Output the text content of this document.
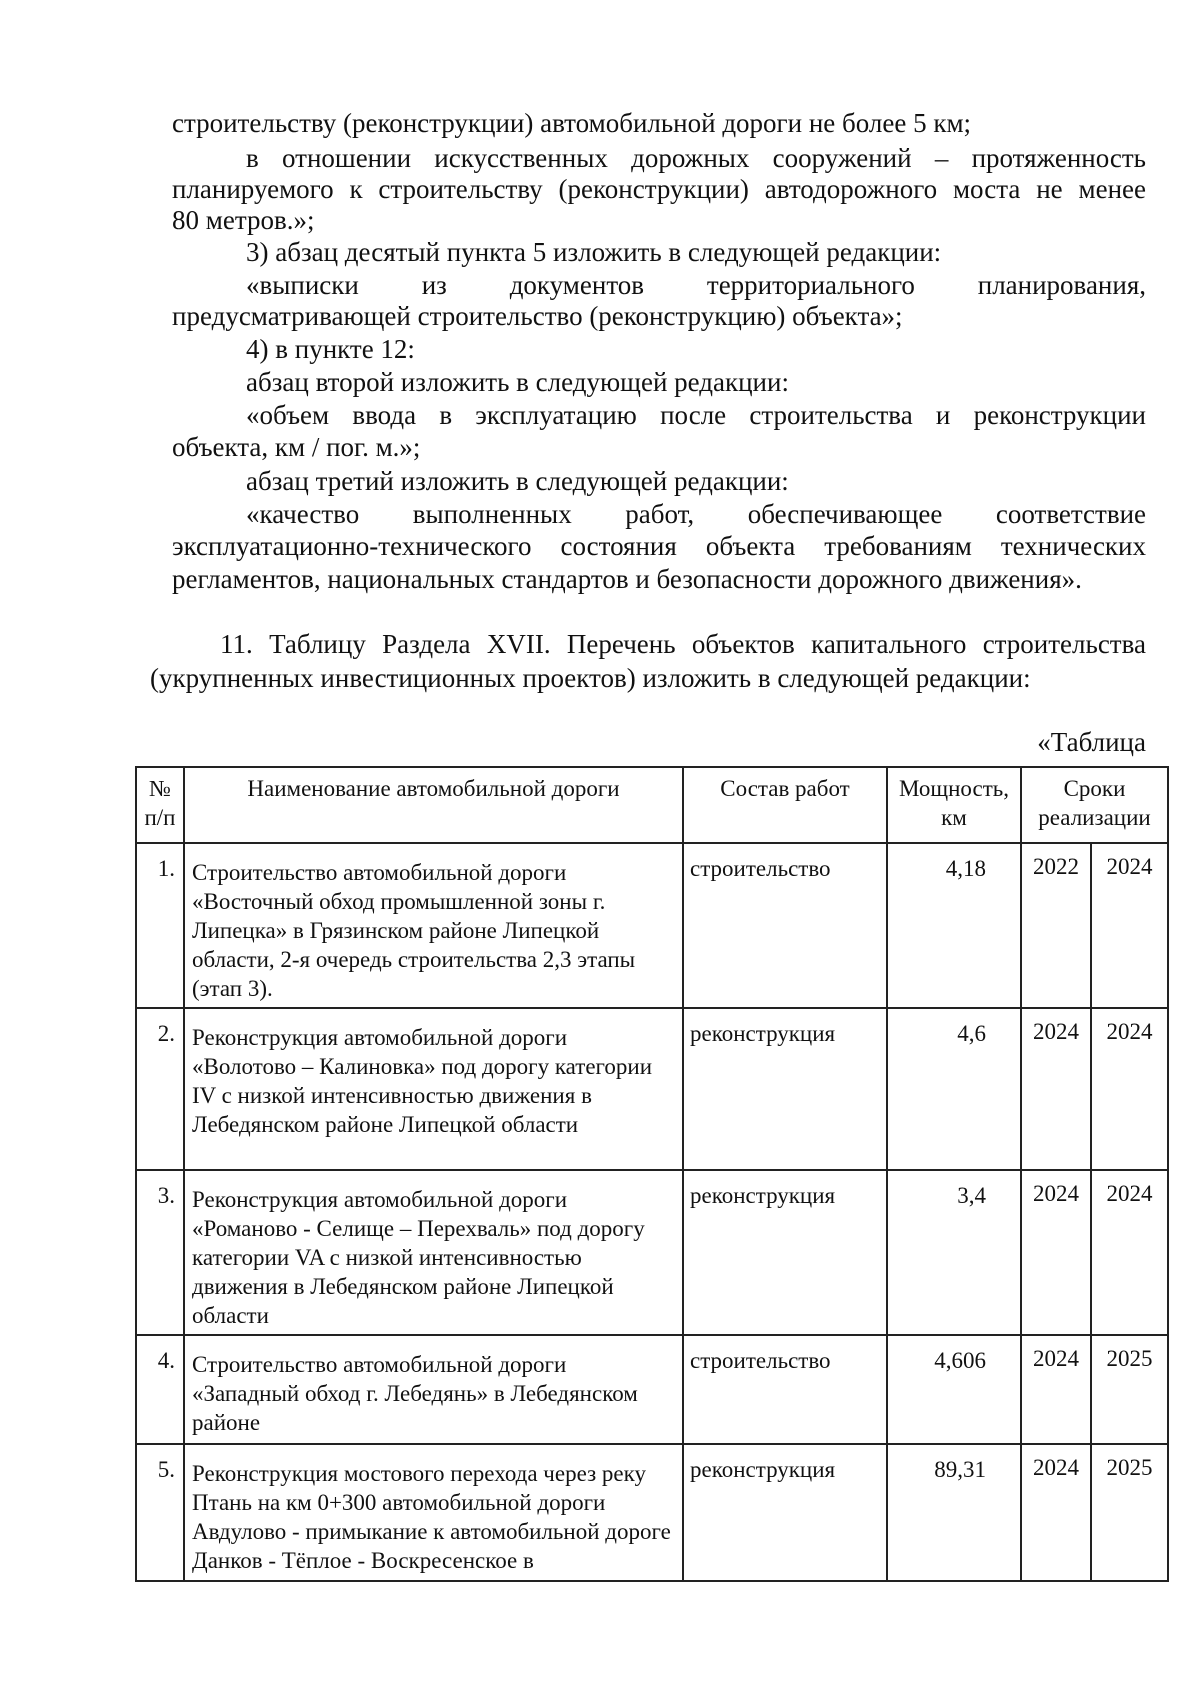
строительству (реконструкции) автомобильной дороги не более 5 км;
в отношении искусственных дорожных сооружений – протяженность
планируемого к строительству (реконструкции) автодорожного моста не менее
80 метров.»;
3) абзац десятый пункта 5 изложить в следующей редакции:
«выписки из документов территориального планирования,
предусматривающей строительство (реконструкцию) объекта»;
4) в пункте 12:
абзац второй изложить в следующей редакции:
«объем ввода в эксплуатацию после строительства и реконструкции
объекта, км / пог. м.»;
абзац третий изложить в следующей редакции:
«качество выполненных работ, обеспечивающее соответствие
эксплуатационно-технического состояния объекта требованиям технических
регламентов, национальных стандартов и безопасности дорожного движения».
11. Таблицу Раздела XVII. Перечень объектов капитального строительства
(укрупненных инвестиционных проектов) изложить в следующей редакции:
«Таблица
№ п/п	Наименование автомобильной дороги	Состав работ	Мощность, км	Сроки реализации	
1.	Строительство автомобильной дороги «Восточный обход промышленной зоны г. Липецка» в Грязинском районе Липецкой области, 2-я очередь строительства 2,3 этапы (этап 3).	строительство	4,18	2022	2024
2.	Реконструкция автомобильной дороги «Волотово – Калиновка» под дорогу категории IV с низкой интенсивностью движения в Лебедянском районе Липецкой области	реконструкция	4,6	2024	2024
3.	Реконструкция автомобильной дороги «Романово - Селище – Перехваль» под дорогу категории VA с низкой интенсивностью движения в Лебедянском районе Липецкой области	реконструкция	3,4	2024	2024
4.	Строительство автомобильной дороги «Западный обход г. Лебедянь» в Лебедянском районе	строительство	4,606	2024	2025
5.	Реконструкция мостового перехода через реку Птань на км 0+300 автомобильной дороги Авдулово - примыкание к автомобильной дороге Данков - Тёплое - Воскресенское в	реконструкция	89,31	2024	2025
